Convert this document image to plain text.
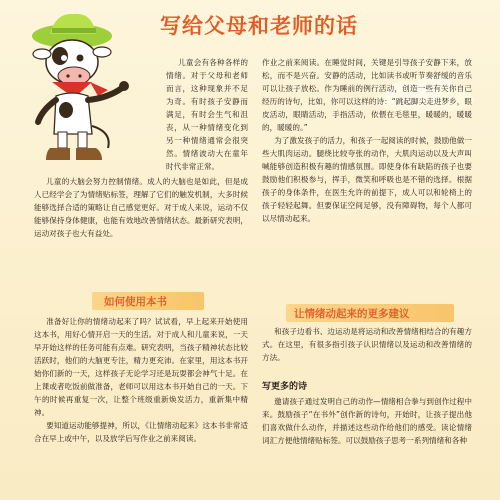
写给父母和老师的话

儿童会有各种各样的情绪。对于父母和老师而言，这种现象并不足为奇。有时孩子安静而满足，有时会生气和沮丧，从一种情绪变化到另一种情绪通常会很突然。情绪波动大在童年时代非常正常。

儿童的大脑会努力控制情绪。成人的大脑也是如此，但是成人已经学会了为情绪贴标签，理解了它们的触发机制，大多时候能够选择合适的策略让自己感觉更好。对于成人来说，运动不仅能够保持身体健康，也能有效地改善情绪状态。最新研究表明，运动对孩子也大有益处。

如何使用本书

准备好让你的情绪动起来了吗？试试看，早上起来开始使用这本书，用好心情开启一天的生活。对于成人和儿童来说，一天早开始这样的任务可能有点难。研究表明，当孩子精神状态比较活跃时，他们的大脑更专注，精力更充沛。在家里，用这本书开始你们新的一天，这样孩子无论学习还是玩耍都会神气十足。在上课或者吃饭前做准备，老师可以用这本书开始自己的一天。下午的时候再重复一次，让整个班级重新焕发活力，重新集中精神。

要知道运动能够提神，所以，《让情绪动起来》这本书非常适合在早上或中午，以及放学后写作业之前来阅读。

作业之前来阅读。在睡觉时间，关键是引导孩子安静下来，放松，而不是兴奋。安静的活动，比如读书或听节奏舒缓的音乐可以让孩子放松。作为睡前的例行活动，创造一些有关你自己经历的诗句，比如，你可以这样的诗：“跳起脚尖走进梦乡，眼皮活动，眼睛活动，手指活动，依偎在毛毯里，暖暖的，暖暖的，暖暖的。”

为了激发孩子的活力，和孩子一起阅读的时候，鼓励他做一些大肌肉运动。腿绕比较夸张的动作，大肌肉运动以及大声叫喊能够创造积极有趣的情感氛围。即使身体有缺陷的孩子也要鼓励他们积极参与，挥手，微笑和呼吸也是不错的选择。根据孩子的身体条件，在医生允许的前提下，成人可以和轮椅上的孩子轻轻起舞。但要保证空间足够，没有障碍物，每个人都可以尽情动起来。

让情绪动起来的更多建议

和孩子边看书、边运动是将运动和改善情绪相结合的有趣方式。在这里，有很多指引孩子认识情绪以及运动和改善情绪的方法。

写更多的诗

邀请孩子通过发明自己的动作—情绪相合拳与到创作过程中来。鼓励孩子“在书外”创作新的诗句，开始时，让孩子提出他们喜欢做什么动作，并描述这些动作给他们的感受。读论情绪词汇方便他情绪贴标签。可以鼓励孩子思考一系列情绪和各种
